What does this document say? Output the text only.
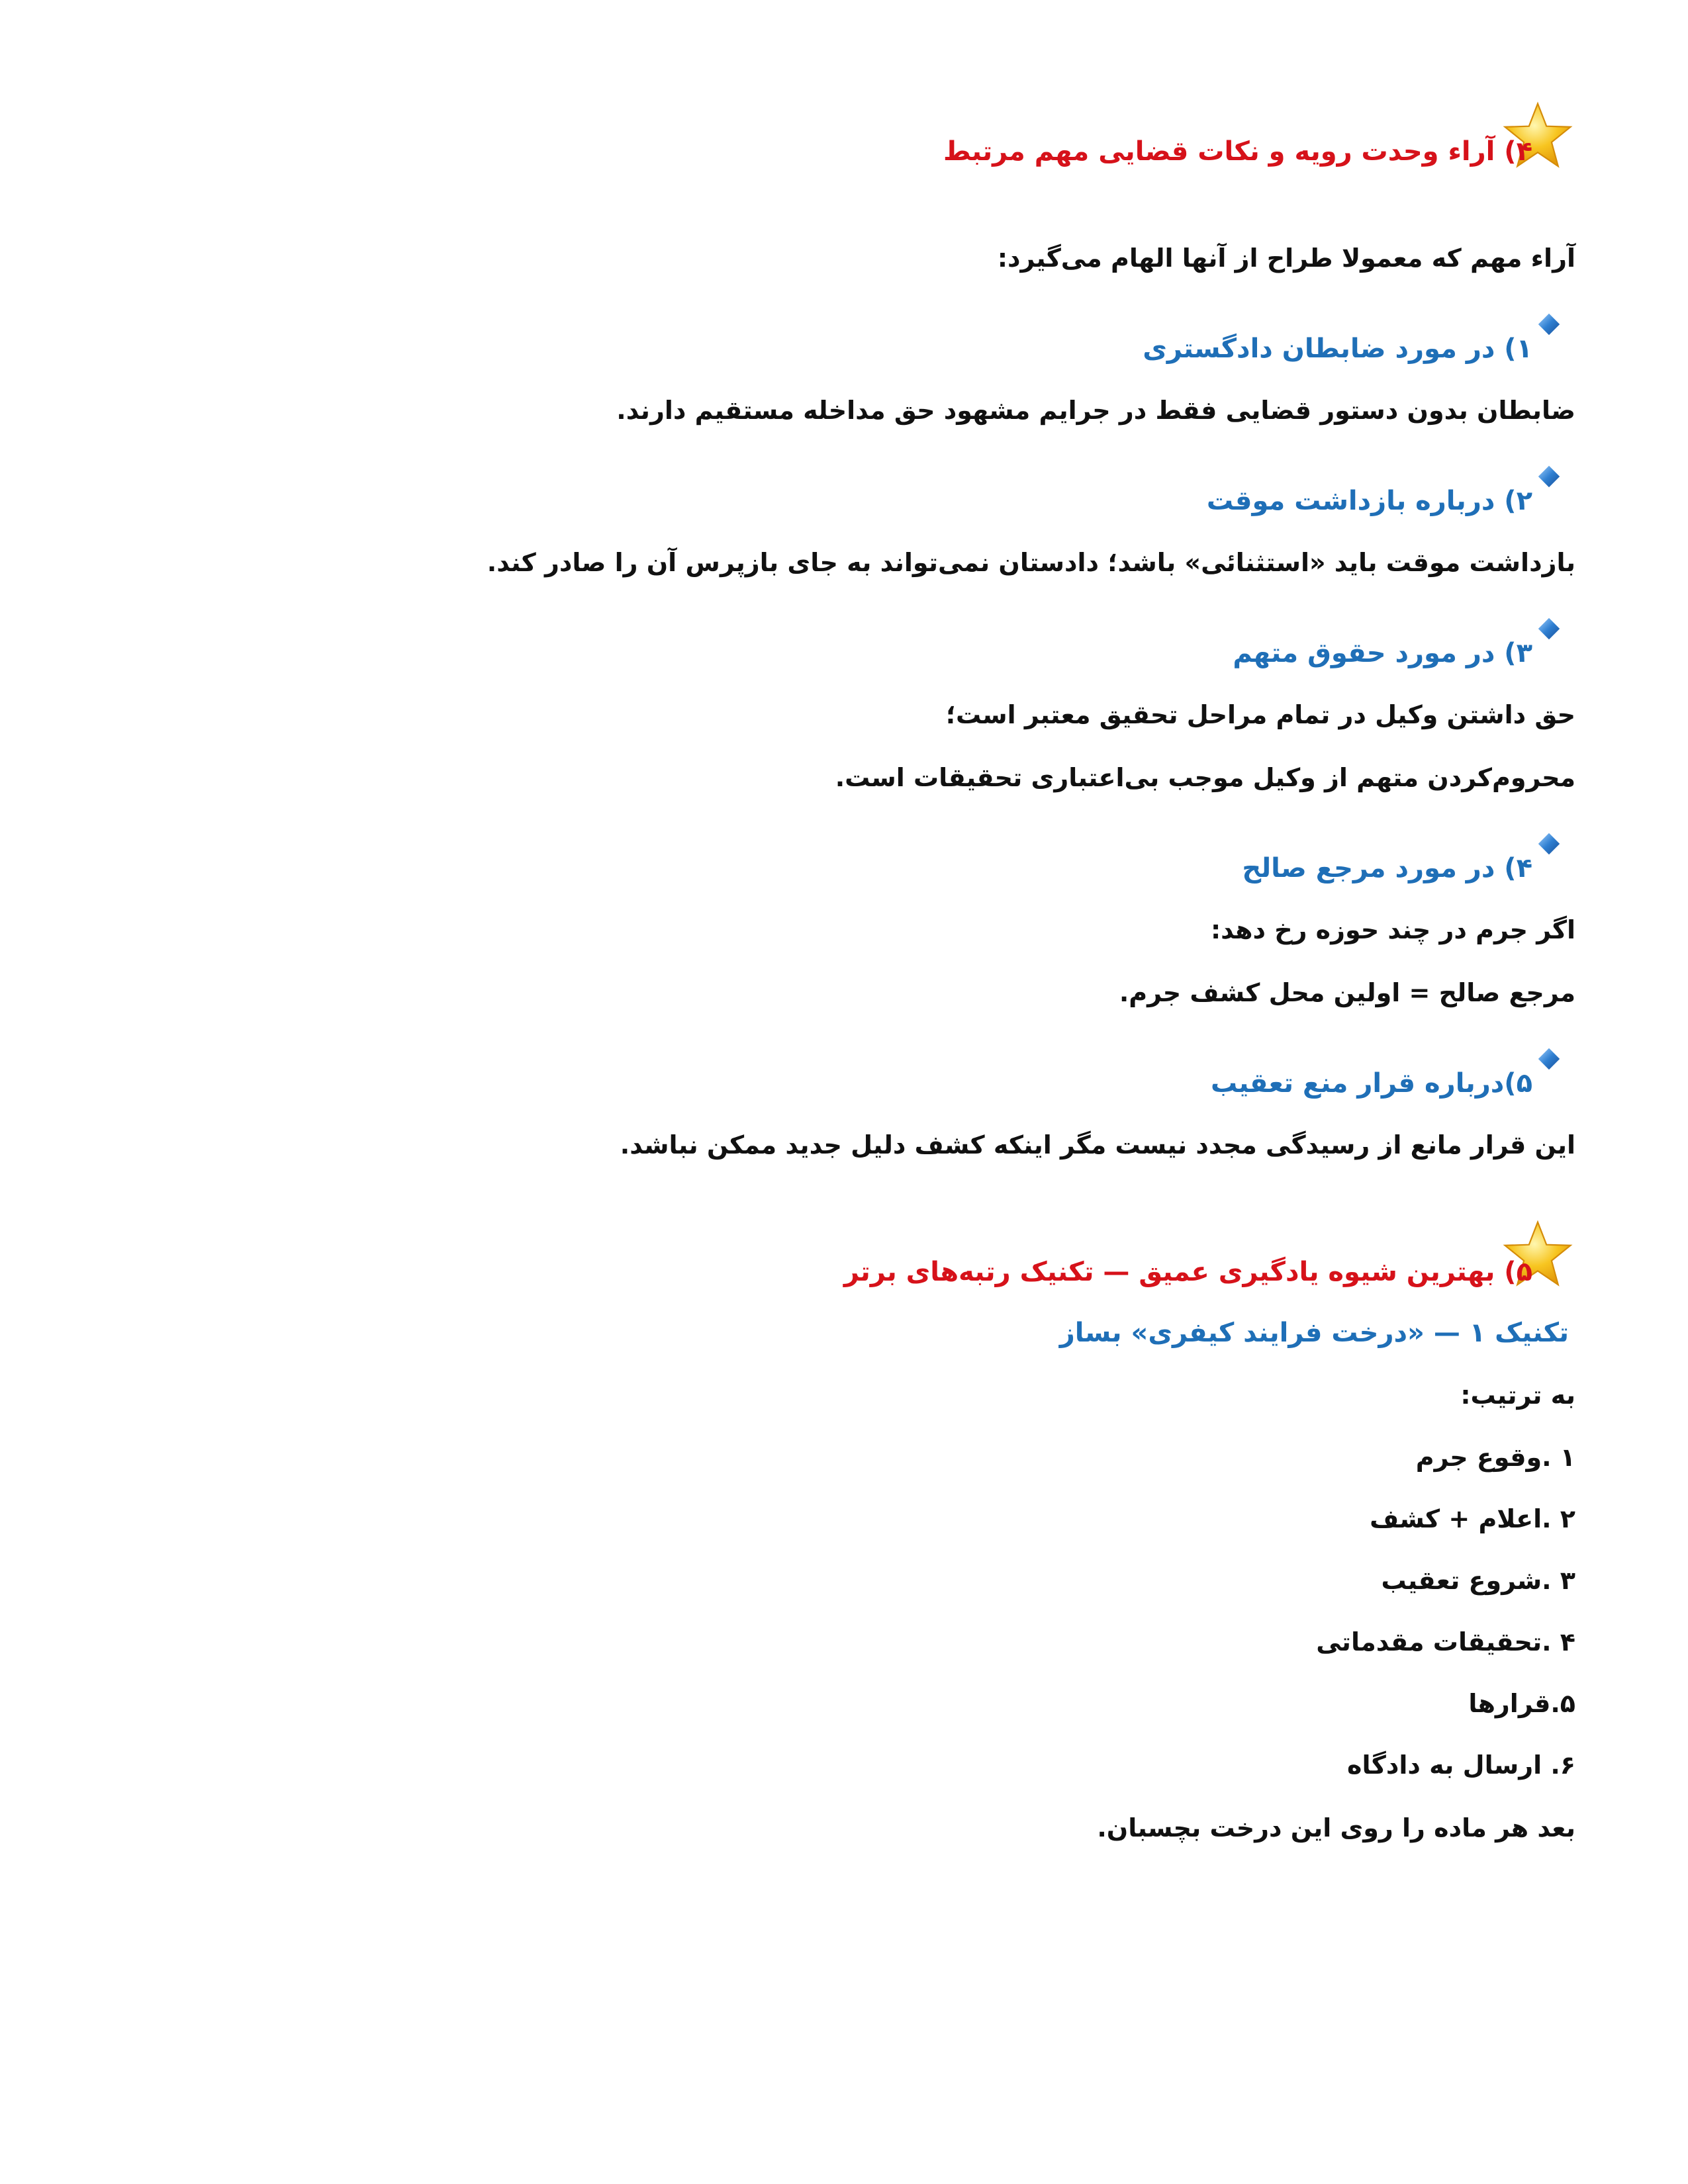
۴) آراء وحدت رویه و نکات قضایی مهم مرتبط
آراء مهم که معمولا طراح از آنها الهام می‌گیرد:
۱) در مورد ضابطان دادگستری
ضابطان بدون دستور قضایی فقط در جرایم مشهود حق مداخله مستقیم دارند.
۲) درباره بازداشت موقت
بازداشت موقت باید «استثنائی» باشد؛ دادستان نمی‌تواند به جای بازپرس آن را صادر کند.
۳) در مورد حقوق متهم
حق داشتن وکیل در تمام مراحل تحقیق معتبر است؛
محروم‌کردن متهم از وکیل موجب بی‌اعتباری تحقیقات است.
۴) در مورد مرجع صالح
اگر جرم در چند حوزه رخ دهد:
مرجع صالح = اولین محل کشف جرم.
۵)درباره قرار منع تعقیب
این قرار مانع از رسیدگی مجدد نیست مگر اینکه کشف دلیل جدید ممکن نباشد.
۵) بهترین شیوه یادگیری عمیق — تکنیک رتبه‌های برتر
تکنیک ۱ — «درخت فرایند کیفری» بساز
به ترتیب:
۱ .وقوع جرم
۲ .اعلام + کشف
۳ .شروع تعقیب
۴ .تحقیقات مقدماتی
۵.قرارها
۶. ارسال به دادگاه
بعد هر ماده را روی این درخت بچسبان.
